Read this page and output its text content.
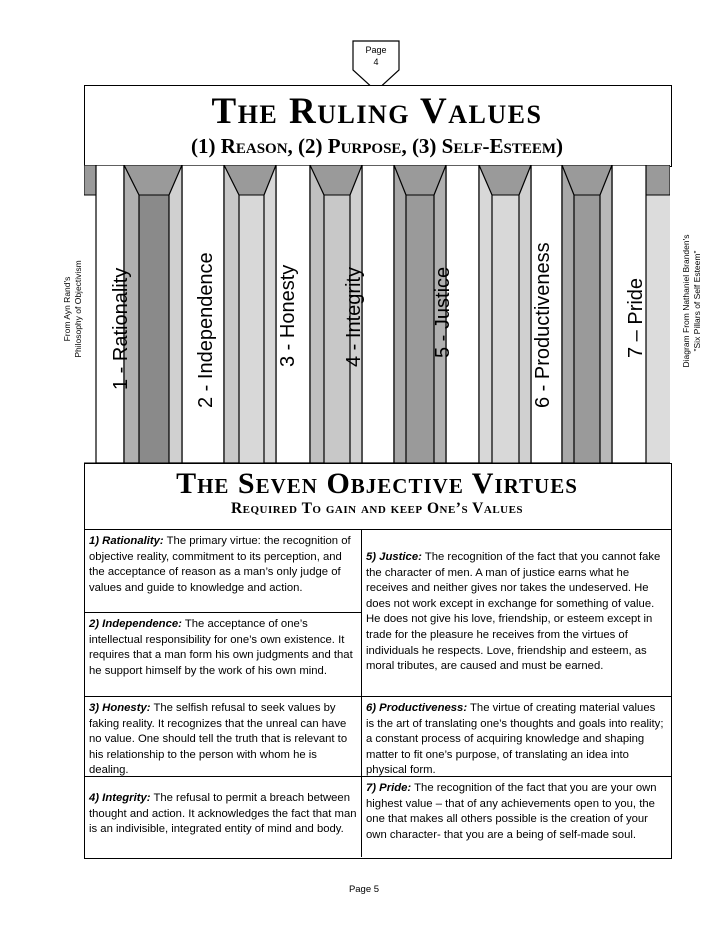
Page
4
From Ayn Rand's Philosophy of Objectivism	Diagram From Nathaniel Branden's "Six Pillars of Self Esteem"
The Ruling Values
(1) Reason, (2) Purpose, (3) Self-Esteem)
1 - Rationality	2 - Independence	3 - Honesty 4 - Integrity	5 - Justice	6 - Productiveness	7 – Pride
The Seven Objective Virtues
Required To gain and keep One’s Values
1) Rationality: The primary virtue: the recognition of objective reality, commitment to its perception, and the acceptance of reason as a man’s only judge of values and guide to knowledge and action.
2) Independence: The acceptance of one’s intellectual responsibility for one’s own existence. It requires that a man form his own judgments and that he support himself by the work of his own mind.
3) Honesty: The selfish refusal to seek values by faking reality. It recognizes that the unreal can have no value. One should tell the truth that is relevant to his relationship to the person with whom he is dealing.
4) Integrity: The refusal to permit a breach between thought and action. It acknowledges the fact that man is an indivisible, integrated entity of mind and body.
5) Justice: The recognition of the fact that you cannot fake the character of men. A man of justice earns what he receives and neither gives nor takes the undeserved. He does not work except in exchange for something of value. He does not give his love, friendship, or esteem except in trade for the pleasure he receives from the virtues of individuals he respects. Love, friendship and esteem, as moral tributes, are caused and must be earned.
6) Productiveness: The virtue of creating material values is the art of translating one’s thoughts and goals into reality; a constant process of acquiring knowledge and shaping matter to fit one’s purpose, of translating an idea into physical form.
7) Pride: The recognition of the fact that you are your own highest value – that of any achievements open to you, the one that makes all others possible is the creation of your own character- that you are a being of self-made soul.
Page 5
